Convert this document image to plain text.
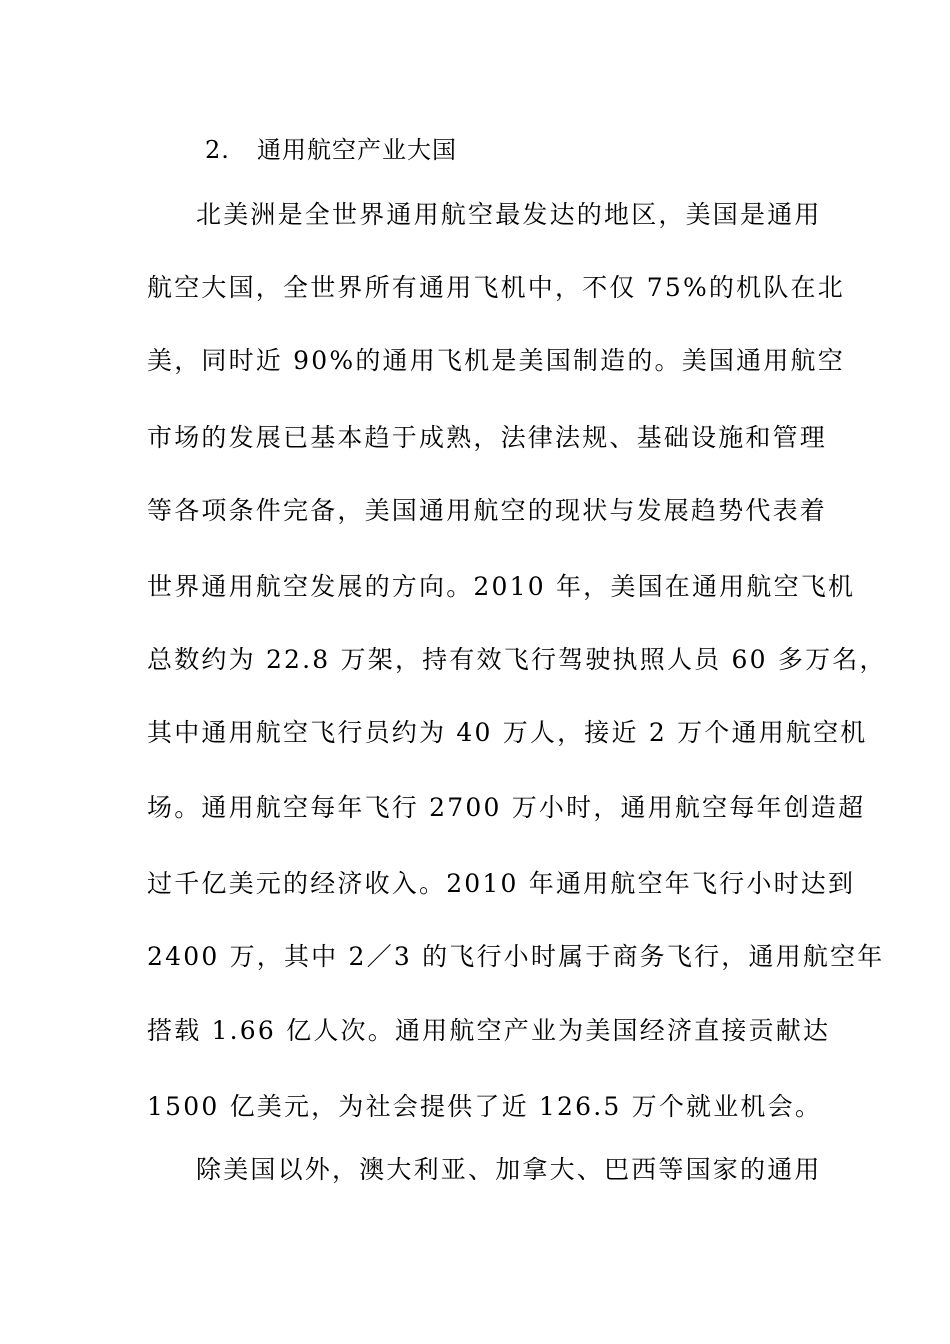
2. 通用航空产业大国
北美洲是全世界通用航空最发达的地区，美国是通用
航空大国，全世界所有通用飞机中，不仅 75%的机队在北
美，同时近 90%的通用飞机是美国制造的。美国通用航空
市场的发展已基本趋于成熟，法律法规、基础设施和管理
等各项条件完备，美国通用航空的现状与发展趋势代表着
世界通用航空发展的方向。2010 年，美国在通用航空飞机
总数约为 22.8 万架，持有效飞行驾驶执照人员 60 多万名，
其中通用航空飞行员约为 40 万人，接近 2 万个通用航空机
场。通用航空每年飞行 2700 万小时，通用航空每年创造超
过千亿美元的经济收入。2010 年通用航空年飞行小时达到
2400 万，其中 2／3 的飞行小时属于商务飞行，通用航空年
搭载 1.66 亿人次。通用航空产业为美国经济直接贡献达
1500 亿美元，为社会提供了近 126.5 万个就业机会。
除美国以外，澳大利亚、加拿大、巴西等国家的通用
